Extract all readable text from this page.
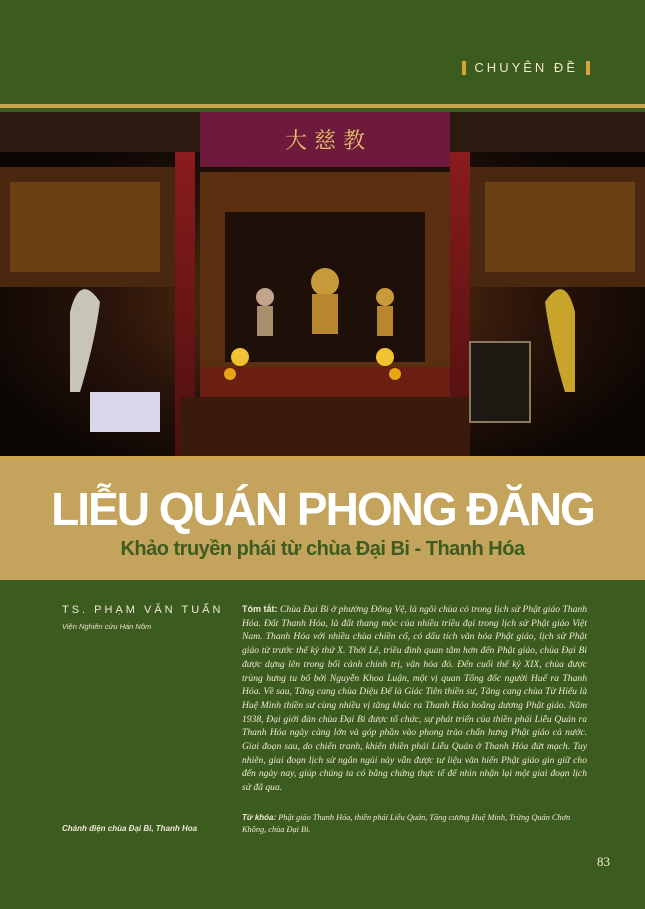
CHUYÊN ĐỀ
大 慈 教
LIỄU QUÁN PHONG ĐĂNG
Khảo truyền phái từ chùa Đại Bi - Thanh Hóa
TS. PHẠM VĂN TUẤN
Viện Nghiên cứu Hán Nôm
Tóm tắt: Chùa Đại Bi ở phường Đông Vệ, là ngôi chùa có trong lịch sử Phật giáo Thanh Hóa. Đất Thanh Hóa, là đất thang mộc của nhiều triều đại trong lịch sử Phật giáo Việt Nam. Thanh Hóa với nhiều chùa chiền cổ, có dấu tích văn hóa Phật giáo, lịch sử Phật giáo từ trước thế kỷ thứ X. Thời Lê, triều đình quan tâm hơn đến Phật giáo, chùa Đại Bi được dựng lên trong bối cảnh chính trị, văn hóa đó. Đến cuối thế kỷ XIX, chùa được trùng hưng tu bổ bởi Nguyễn Khoa Luận, một vị quan Tổng đốc người Huế ra Thanh Hóa. Về sau, Tăng cang chùa Diệu Đế là Giác Tiên thiền sư, Tăng cang chùa Từ Hiếu là Huệ Minh thiền sư cùng nhiều vị tăng khác ra Thanh Hóa hoằng dương Phật giáo. Năm 1938, Đại giới đàn chùa Đại Bi được tổ chức, sự phát triển của thiền phái Liễu Quán ra Thanh Hóa ngày càng lớn và góp phần vào phong trào chấn hưng Phật giáo cả nước. Giai đoạn sau, do chiến tranh, khiến thiền phái Liễu Quán ở Thanh Hóa đứt mạch. Tuy nhiên, giai đoạn lịch sử ngắn ngủi này vẫn được tư liệu văn hiến Phật giáo gìn giữ cho đến ngày nay, giúp chúng ta có bằng chứng thực tế để nhìn nhận lại một giai đoạn lịch sử đã qua.
Từ khóa: Phật giáo Thanh Hóa, thiền phái Liễu Quán, Tăng cương Huệ Minh, Trừng Quán Chơn Không, chùa Đại Bi.
Chánh điện chùa Đại Bi, Thanh Hoa
83
